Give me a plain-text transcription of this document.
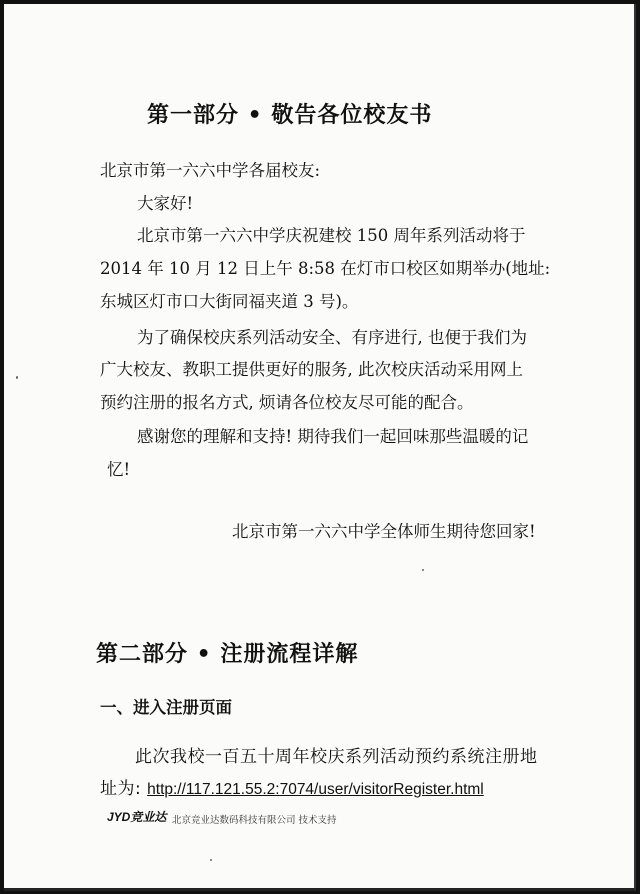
第一部分 • 敬告各位校友书
北京市第一六六中学各届校友:
大家好!
北京市第一六六中学庆祝建校 150 周年系列活动将于
2014 年 10 月 12 日上午 8:58 在灯市口校区如期举办(地址:
东城区灯市口大街同福夹道 3 号)。
为了确保校庆系列活动安全、有序进行, 也便于我们为
广大校友、教职工提供更好的服务, 此次校庆活动采用网上
预约注册的报名方式, 烦请各位校友尽可能的配合。
感谢您的理解和支持! 期待我们一起回味那些温暖的记
忆!
北京市第一六六中学全体师生期待您回家!
第二部分 • 注册流程详解
一、进入注册页面
此次我校一百五十周年校庆系列活动预约系统注册地
址为: http://117.121.55.2:7074/user/visitorRegister.html
JYD竞业达 北京竞业达数码科技有限公司 技术支持
